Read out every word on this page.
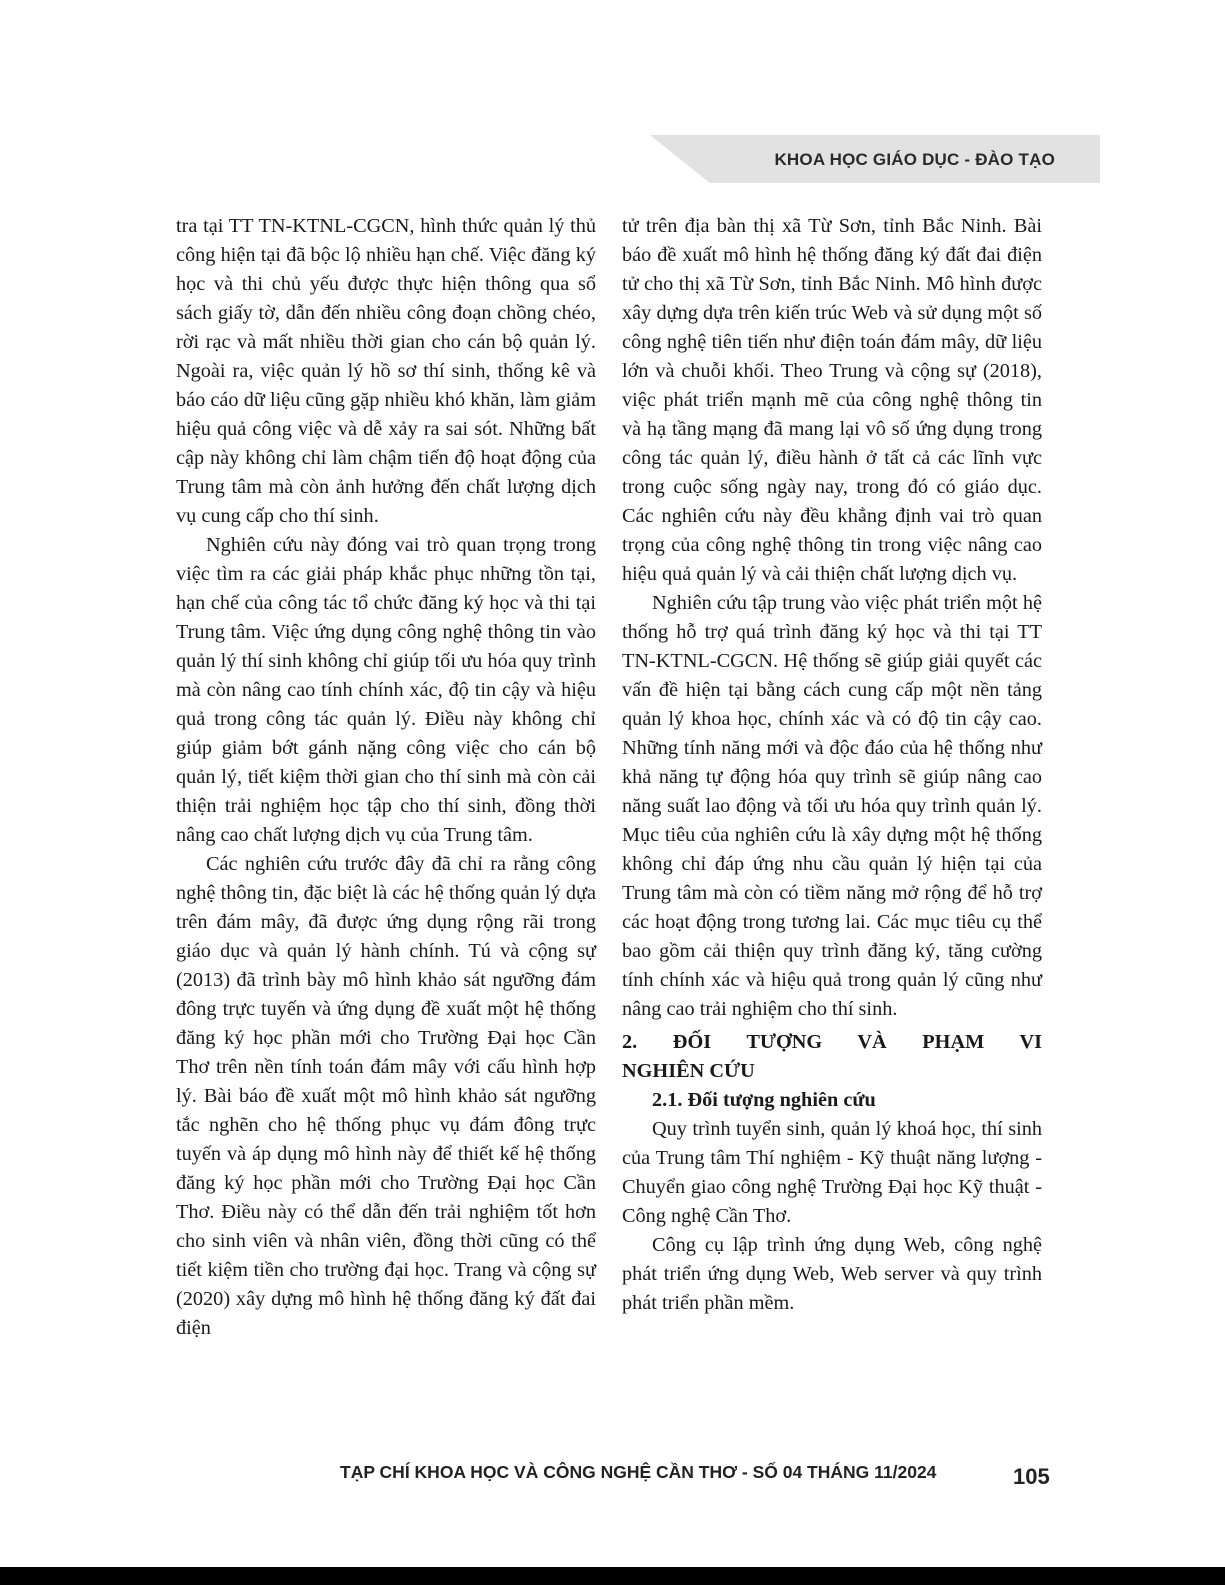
KHOA HỌC GIÁO DỤC - ĐÀO TẠO

tra tại TT TN-KTNL-CGCN, hình thức quản lý thủ công hiện tại đã bộc lộ nhiều hạn chế. Việc đăng ký học và thi chủ yếu được thực hiện thông qua sổ sách giấy tờ, dẫn đến nhiều công đoạn chồng chéo, rời rạc và mất nhiều thời gian cho cán bộ quản lý. Ngoài ra, việc quản lý hồ sơ thí sinh, thống kê và báo cáo dữ liệu cũng gặp nhiều khó khăn, làm giảm hiệu quả công việc và dễ xảy ra sai sót. Những bất cập này không chỉ làm chậm tiến độ hoạt động của Trung tâm mà còn ảnh hưởng đến chất lượng dịch vụ cung cấp cho thí sinh.

Nghiên cứu này đóng vai trò quan trọng trong việc tìm ra các giải pháp khắc phục những tồn tại, hạn chế của công tác tổ chức đăng ký học và thi tại Trung tâm. Việc ứng dụng công nghệ thông tin vào quản lý thí sinh không chỉ giúp tối ưu hóa quy trình mà còn nâng cao tính chính xác, độ tin cậy và hiệu quả trong công tác quản lý. Điều này không chỉ giúp giảm bớt gánh nặng công việc cho cán bộ quản lý, tiết kiệm thời gian cho thí sinh mà còn cải thiện trải nghiệm học tập cho thí sinh, đồng thời nâng cao chất lượng dịch vụ của Trung tâm.

Các nghiên cứu trước đây đã chỉ ra rằng công nghệ thông tin, đặc biệt là các hệ thống quản lý dựa trên đám mây, đã được ứng dụng rộng rãi trong giáo dục và quản lý hành chính. Tú và cộng sự (2013) đã trình bày mô hình khảo sát ngưỡng đám đông trực tuyến và ứng dụng đề xuất một hệ thống đăng ký học phần mới cho Trường Đại học Cần Thơ trên nền tính toán đám mây với cấu hình hợp lý. Bài báo đề xuất một mô hình khảo sát ngưỡng tắc nghẽn cho hệ thống phục vụ đám đông trực tuyến và áp dụng mô hình này để thiết kế hệ thống đăng ký học phần mới cho Trường Đại học Cần Thơ. Điều này có thể dẫn đến trải nghiệm tốt hơn cho sinh viên và nhân viên, đồng thời cũng có thể tiết kiệm tiền cho trường đại học. Trang và cộng sự (2020) xây dựng mô hình hệ thống đăng ký đất đai điện

tử trên địa bàn thị xã Từ Sơn, tỉnh Bắc Ninh. Bài báo đề xuất mô hình hệ thống đăng ký đất đai điện tử cho thị xã Từ Sơn, tỉnh Bắc Ninh. Mô hình được xây dựng dựa trên kiến trúc Web và sử dụng một số công nghệ tiên tiến như điện toán đám mây, dữ liệu lớn và chuỗi khối. Theo Trung và cộng sự (2018), việc phát triển mạnh mẽ của công nghệ thông tin và hạ tầng mạng đã mang lại vô số ứng dụng trong công tác quản lý, điều hành ở tất cả các lĩnh vực trong cuộc sống ngày nay, trong đó có giáo dục. Các nghiên cứu này đều khẳng định vai trò quan trọng của công nghệ thông tin trong việc nâng cao hiệu quả quản lý và cải thiện chất lượng dịch vụ.

Nghiên cứu tập trung vào việc phát triển một hệ thống hỗ trợ quá trình đăng ký học và thi tại TT TN-KTNL-CGCN. Hệ thống sẽ giúp giải quyết các vấn đề hiện tại bằng cách cung cấp một nền tảng quản lý khoa học, chính xác và có độ tin cậy cao. Những tính năng mới và độc đáo của hệ thống như khả năng tự động hóa quy trình sẽ giúp nâng cao năng suất lao động và tối ưu hóa quy trình quản lý. Mục tiêu của nghiên cứu là xây dựng một hệ thống không chỉ đáp ứng nhu cầu quản lý hiện tại của Trung tâm mà còn có tiềm năng mở rộng để hỗ trợ các hoạt động trong tương lai. Các mục tiêu cụ thể bao gồm cải thiện quy trình đăng ký, tăng cường tính chính xác và hiệu quả trong quản lý cũng như nâng cao trải nghiệm cho thí sinh.

2. ĐỐI TƯỢNG VÀ PHẠM VI
NGHIÊN CỨU

2.1. Đối tượng nghiên cứu

Quy trình tuyển sinh, quản lý khoá học, thí sinh của Trung tâm Thí nghiệm - Kỹ thuật năng lượng - Chuyển giao công nghệ Trường Đại học Kỹ thuật - Công nghệ Cần Thơ.

Công cụ lập trình ứng dụng Web, công nghệ phát triển ứng dụng Web, Web server và quy trình phát triển phần mềm.

TẠP CHÍ KHOA HỌC VÀ CÔNG NGHỆ CẦN THƠ - SỐ 04 THÁNG 11/2024	105
